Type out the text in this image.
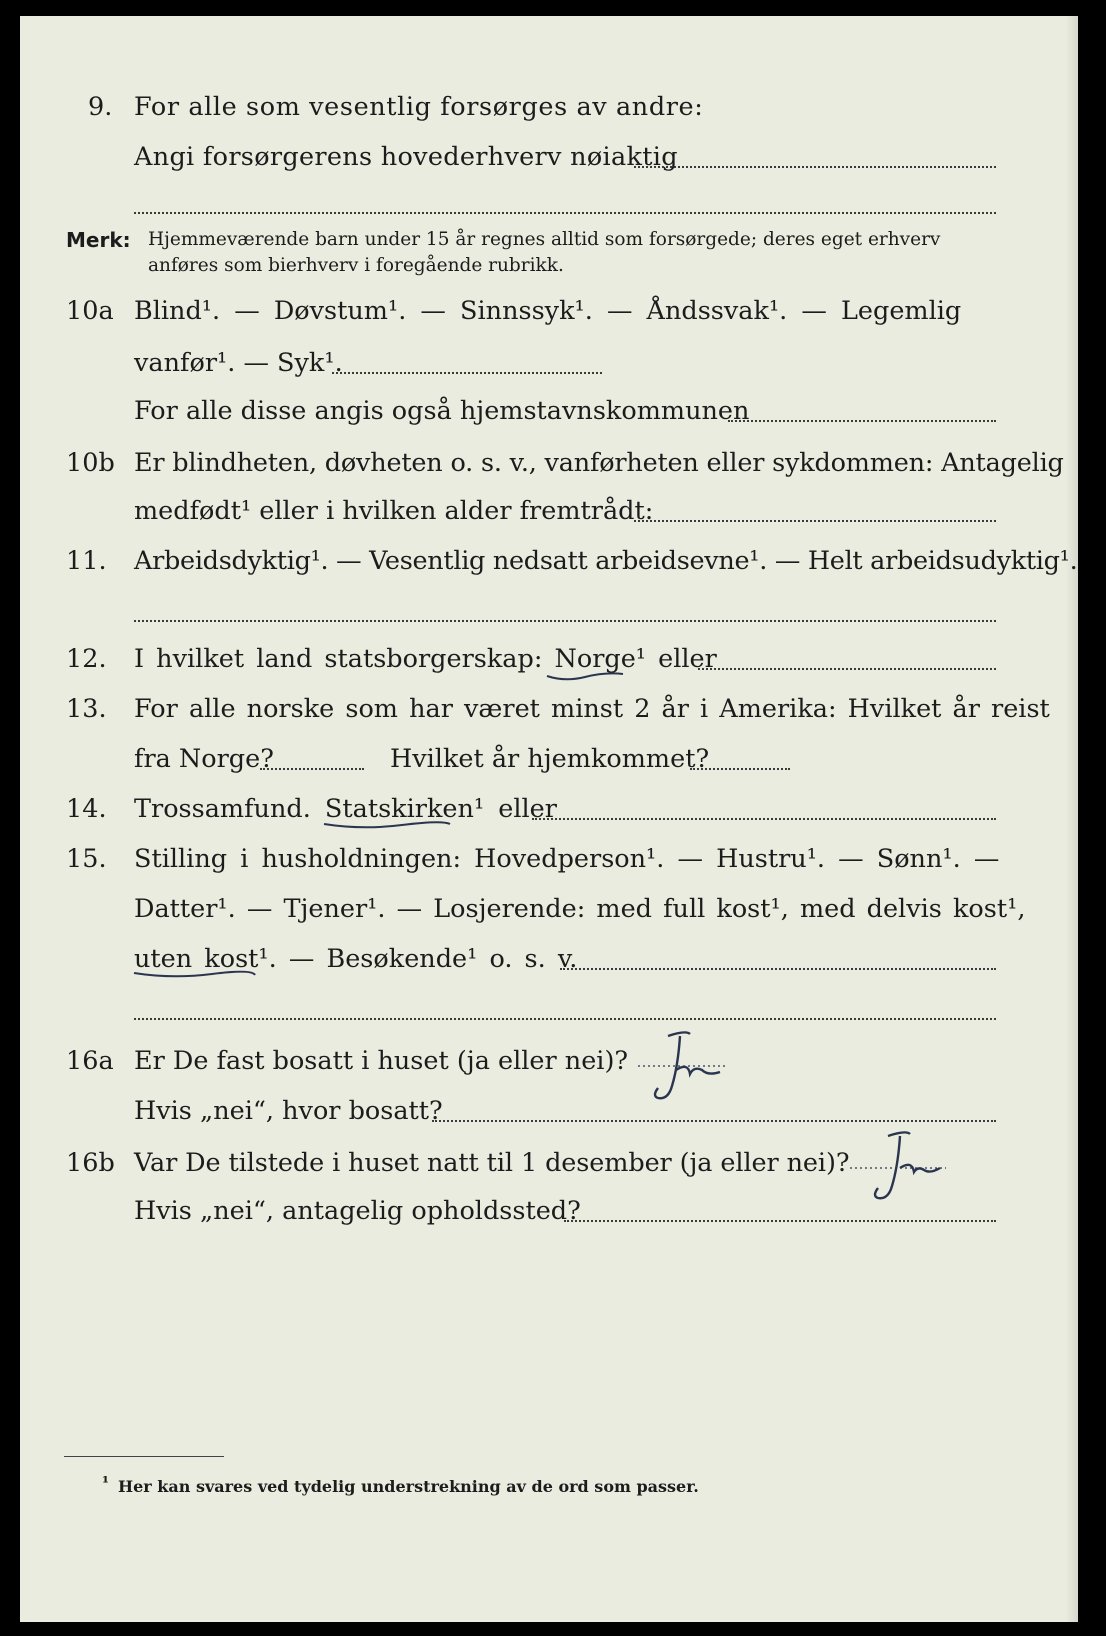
9. For alle som vesentlig forsørges av andre:
Angi forsørgerens hovederhverv nøiaktig
Merk: Hjemmeværende barn under 15 år regnes alltid som forsørgede; deres eget erhverv
anføres som bierhverv i foregående rubrikk.
10a Blind¹. — Døvstum¹. — Sinnssyk¹. — Åndssvak¹. — Legemlig
vanfør¹. — Syk¹.
For alle disse angis også hjemstavnskommunen
10b Er blindheten, døvheten o. s. v., vanførheten eller sykdommen: Antagelig
medfødt¹ eller i hvilken alder fremtrådt:
11. Arbeidsdyktig¹. — Vesentlig nedsatt arbeidsevne¹. — Helt arbeidsudyktig¹.
12. I hvilket land statsborgerskap: Norge¹ eller
13. For alle norske som har været minst 2 år i Amerika: Hvilket år reist
fra Norge?	Hvilket år hjemkommet?
14. Trossamfund. Statskirken¹ eller
15. Stilling i husholdningen: Hovedperson¹. — Hustru¹. — Sønn¹. —
Datter¹. — Tjener¹. — Losjerende: med full kost¹, med delvis kost¹,
uten kost¹. — Besøkende¹ o. s. v.
16a Er De fast bosatt i huset (ja eller nei)?
Hvis „nei“, hvor bosatt?
16b Var De tilstede i huset natt til 1 desember (ja eller nei)?
Hvis „nei“, antagelig opholdssted?
¹ Her kan svares ved tydelig understrekning av de ord som passer.
